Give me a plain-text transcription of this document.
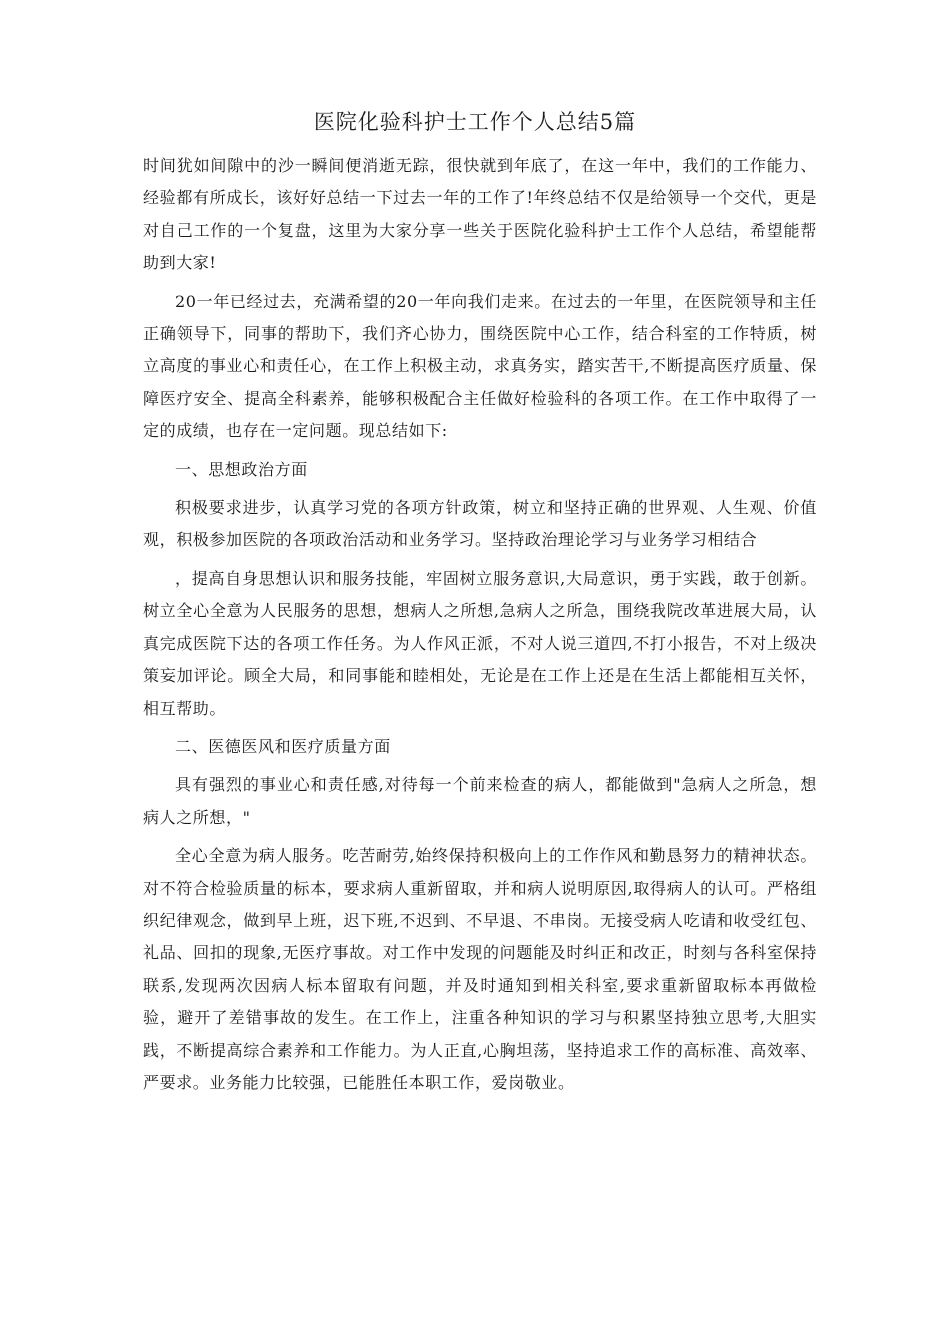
医院化验科护士工作个人总结5篇

时间犹如间隙中的沙一瞬间便消逝无踪，很快就到年底了，在这一年中，我们的工作能力、经验都有所成长，该好好总结一下过去一年的工作了!年终总结不仅是给领导一个交代，更是对自己工作的一个复盘，这里为大家分享一些关于医院化验科护士工作个人总结，希望能帮助到大家!

20一年已经过去，充满希望的20一年向我们走来。在过去的一年里，在医院领导和主任正确领导下，同事的帮助下，我们齐心协力，围绕医院中心工作，结合科室的工作特质，树立高度的事业心和责任心，在工作上积极主动，求真务实，踏实苦干,不断提高医疗质量、保障医疗安全、提高全科素养，能够积极配合主任做好检验科的各项工作。在工作中取得了一定的成绩，也存在一定问题。现总结如下:

一、思想政治方面

积极要求进步，认真学习党的各项方针政策，树立和坚持正确的世界观、人生观、价值观，积极参加医院的各项政治活动和业务学习。坚持政治理论学习与业务学习相结合

，提高自身思想认识和服务技能，牢固树立服务意识,大局意识，勇于实践，敢于创新。树立全心全意为人民服务的思想，想病人之所想,急病人之所急，围绕我院改革进展大局，认真完成医院下达的各项工作任务。为人作风正派，不对人说三道四,不打小报告，不对上级决策妄加评论。顾全大局，和同事能和睦相处，无论是在工作上还是在生活上都能相互关怀，相互帮助。

二、医德医风和医疗质量方面

具有强烈的事业心和责任感,对待每一个前来检查的病人，都能做到"急病人之所急，想病人之所想，"

全心全意为病人服务。吃苦耐劳,始终保持积极向上的工作作风和勤恳努力的精神状态。对不符合检验质量的标本，要求病人重新留取，并和病人说明原因,取得病人的认可。严格组织纪律观念，做到早上班，迟下班,不迟到、不早退、不串岗。无接受病人吃请和收受红包、礼品、回扣的现象,无医疗事故。对工作中发现的问题能及时纠正和改正，时刻与各科室保持联系,发现两次因病人标本留取有问题，并及时通知到相关科室,要求重新留取标本再做检验，避开了差错事故的发生。在工作上，注重各种知识的学习与积累坚持独立思考,大胆实践，不断提高综合素养和工作能力。为人正直,心胸坦荡，坚持追求工作的高标准、高效率、严要求。业务能力比较强，已能胜任本职工作，爱岗敬业。
